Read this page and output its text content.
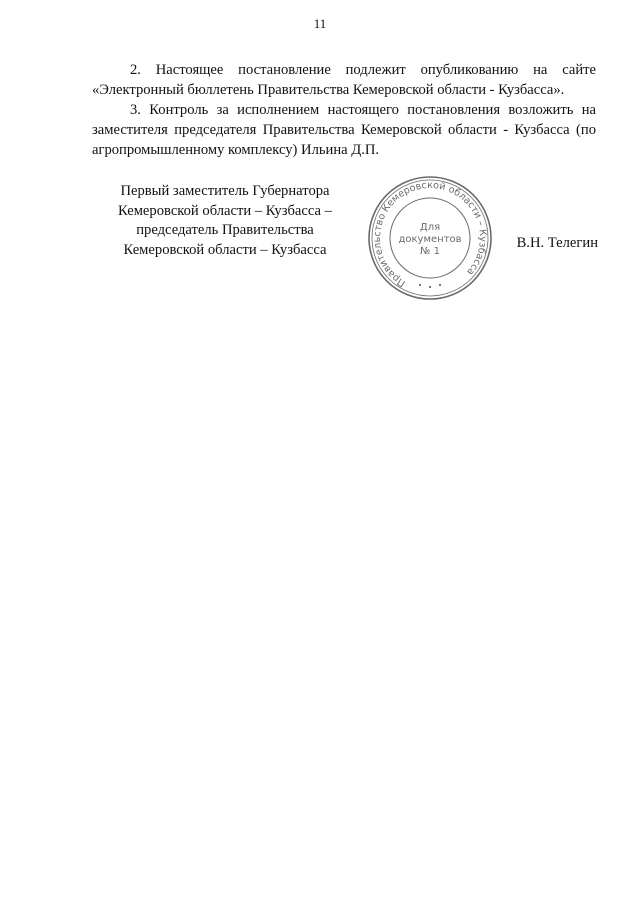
11

2. Настоящее постановление подлежит опубликованию на сайте «Электронный бюллетень Правительства Кемеровской области - Кузбасса».

3. Контроль за исполнением настоящего постановления возложить на заместителя председателя Правительства Кемеровской области - Кузбасса (по агропромышленному комплексу) Ильина Д.П.

Первый заместитель Губернатора
Кемеровской области – Кузбасса –
председатель Правительства
Кемеровской области – Кузбасса
Правительство Кемеровской области – Кузбасса
Для
документов
№ 1
В.Н. Телегин
